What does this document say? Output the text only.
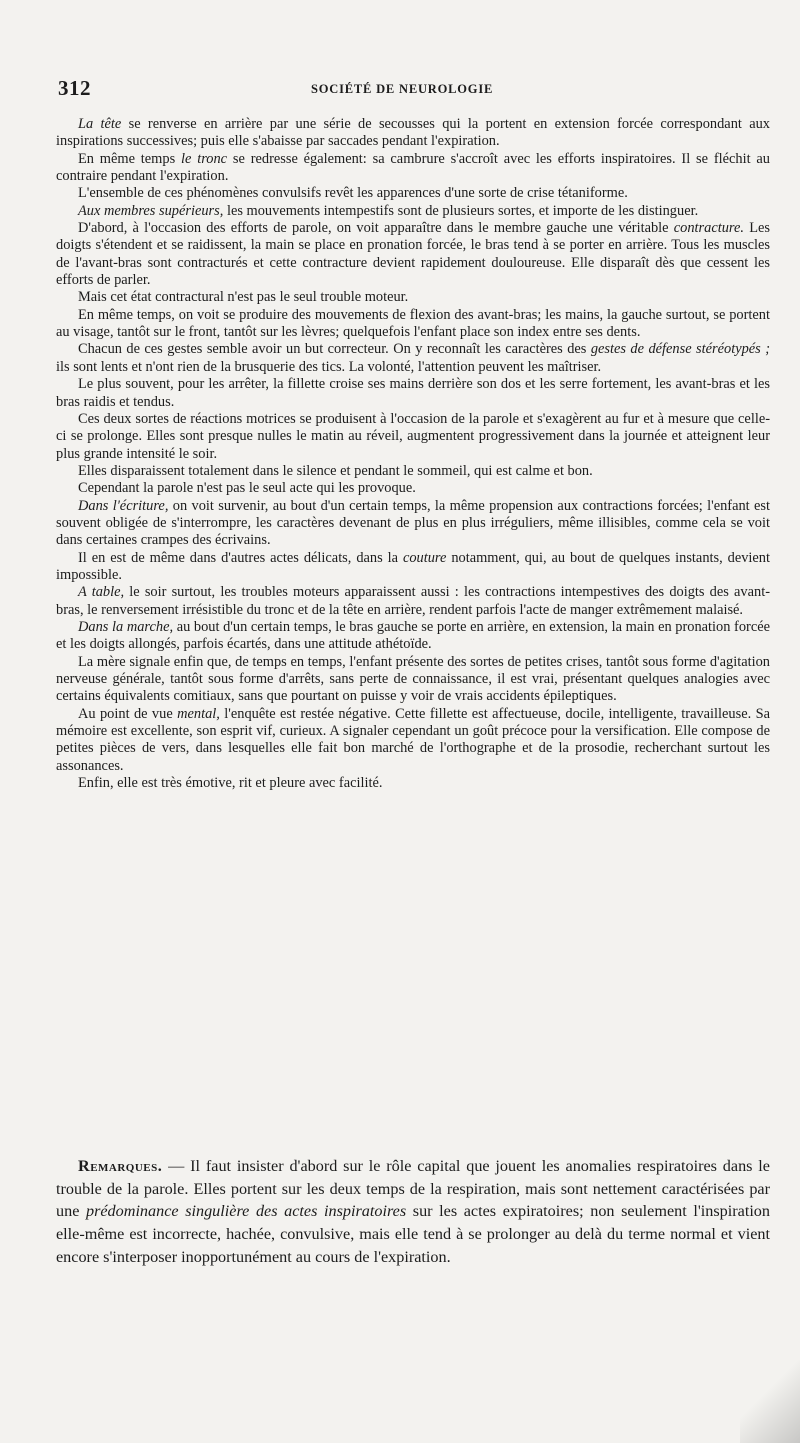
312	SOCIÉTÉ DE NEUROLOGIE

La tête se renverse en arrière par une série de secousses qui la portent en extension forcée correspondant aux inspirations successives; puis elle s'abaisse par saccades pendant l'expiration.

En même temps le tronc se redresse également: sa cambrure s'accroît avec les efforts inspiratoires. Il se fléchit au contraire pendant l'expiration.

L'ensemble de ces phénomènes convulsifs revêt les apparences d'une sorte de crise tétaniforme.

Aux membres supérieurs, les mouvements intempestifs sont de plusieurs sortes, et importe de les distinguer.

D'abord, à l'occasion des efforts de parole, on voit apparaître dans le membre gauche une véritable contracture. Les doigts s'étendent et se raidissent, la main se place en pronation forcée, le bras tend à se porter en arrière. Tous les muscles de l'avant-bras sont contracturés et cette contracture devient rapidement douloureuse. Elle disparaît dès que cessent les efforts de parler.

Mais cet état contractural n'est pas le seul trouble moteur.

En même temps, on voit se produire des mouvements de flexion des avant-bras; les mains, la gauche surtout, se portent au visage, tantôt sur le front, tantôt sur les lèvres; quelquefois l'enfant place son index entre ses dents.

Chacun de ces gestes semble avoir un but correcteur. On y reconnaît les caractères des gestes de défense stéréotypés ; ils sont lents et n'ont rien de la brusquerie des tics. La volonté, l'attention peuvent les maîtriser.

Le plus souvent, pour les arrêter, la fillette croise ses mains derrière son dos et les serre fortement, les avant-bras et les bras raidis et tendus.

Ces deux sortes de réactions motrices se produisent à l'occasion de la parole et s'exagèrent au fur et à mesure que celle-ci se prolonge. Elles sont presque nulles le matin au réveil, augmentent progressivement dans la journée et atteignent leur plus grande intensité le soir.

Elles disparaissent totalement dans le silence et pendant le sommeil, qui est calme et bon.

Cependant la parole n'est pas le seul acte qui les provoque.

Dans l'écriture, on voit survenir, au bout d'un certain temps, la même propension aux contractions forcées; l'enfant est souvent obligée de s'interrompre, les caractères devenant de plus en plus irréguliers, même illisibles, comme cela se voit dans certaines crampes des écrivains.

Il en est de même dans d'autres actes délicats, dans la couture notamment, qui, au bout de quelques instants, devient impossible.

A table, le soir surtout, les troubles moteurs apparaissent aussi : les contractions intempestives des doigts des avant-bras, le renversement irrésistible du tronc et de la tête en arrière, rendent parfois l'acte de manger extrêmement malaisé.

Dans la marche, au bout d'un certain temps, le bras gauche se porte en arrière, en extension, la main en pronation forcée et les doigts allongés, parfois écartés, dans une attitude athétoïde.

La mère signale enfin que, de temps en temps, l'enfant présente des sortes de petites crises, tantôt sous forme d'agitation nerveuse générale, tantôt sous forme d'arrêts, sans perte de connaissance, il est vrai, présentant quelques analogies avec certains équivalents comitiaux, sans que pourtant on puisse y voir de vrais accidents épileptiques.

Au point de vue mental, l'enquête est restée négative. Cette fillette est affectueuse, docile, intelligente, travailleuse. Sa mémoire est excellente, son esprit vif, curieux. A signaler cependant un goût précoce pour la versification. Elle compose de petites pièces de vers, dans lesquelles elle fait bon marché de l'orthographe et de la prosodie, recherchant surtout les assonances.

Enfin, elle est très émotive, rit et pleure avec facilité.

Remarques. — Il faut insister d'abord sur le rôle capital que jouent les anomalies respiratoires dans le trouble de la parole. Elles portent sur les deux temps de la respiration, mais sont nettement caractérisées par une prédominance singulière des actes inspiratoires sur les actes expiratoires; non seulement l'inspiration elle-même est incorrecte, hachée, convulsive, mais elle tend à se prolonger au delà du terme normal et vient encore s'interposer inopportunément au cours de l'expiration.
